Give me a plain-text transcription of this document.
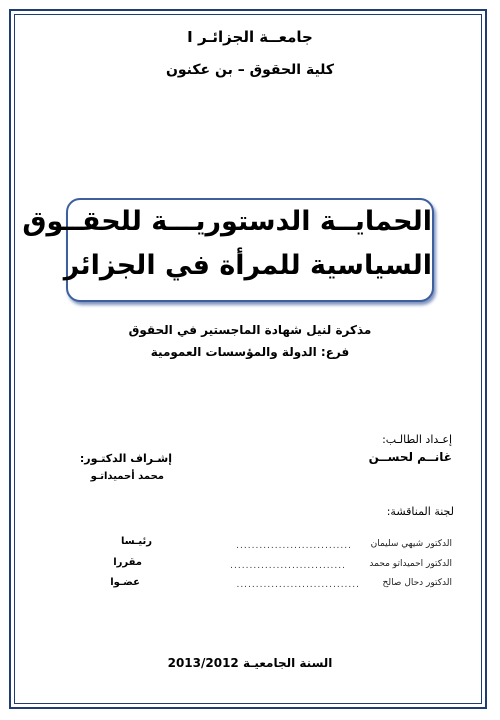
جامعــة الجزائـر I
كلية الحقوق – بن عكنون
الحمايــة الدستوريـــة للحقــوق
السياسية للمرأة في الجزائر
مذكرة لنيل شهادة الماجستير في الحقوق
فرع: الدولة والمؤسسات العمومية
إعـداد الطالـب:
غانــم لحســن
إشـراف الدكتـور:
محمد أحميداتـو
لجنة المناقشة:
الدكتور شيهي سليمان
..............................
رئيـسا
الدكتور احميداتو محمد
..............................
مقررا
الدكتور دحال صالح
................................
عضـوا
السنة الجامعيـة 2013/2012
